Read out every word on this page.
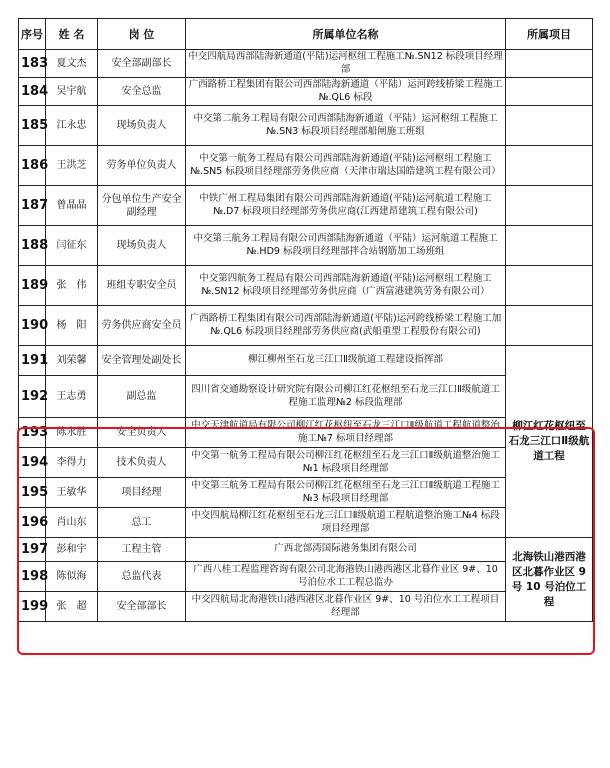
序号	姓 名	岗 位	所属单位名称	所属项目
183	夏文杰	安全部副部长	中交四航局西部陆海新通道(平陆)运河枢纽工程施工№.SN12 标段项目经理部	
184	吴宇航	安全总监	广西路桥工程集团有限公司西部陆海新通道（平陆）运河跨线桥梁工程施工№.QL6 标段	
185	江永忠	现场负责人	中交第二航务工程局有限公司西部陆海新通道（平陆）运河枢纽工程施工№.SN3 标段项目经理部船闸施工班组	
186	王洪芝	劳务单位负责人	中交第一航务工程局有限公司西部陆海新通道(平陆)运河枢纽工程施工№.SN5 标段项目经理部劳务供应商（天津市瑞达国皓建筑工程有限公司）	
187	曾晶晶	分包单位生产安全副经理	中铁广州工程局集团有限公司西部陆海新通道(平陆)运河航道工程施工№.D7 标段项目经理部劳务供应商(江西建昂建筑工程有限公司)	
188	闫征东	现场负责人	中交第三航务工程局有限公司西部陆海新通道（平陆）运河航道工程施工№.HD9 标段项目经理部拌合站钢筋加工场班组	
189	张　伟	班组专职安全员	中交第四航务工程局有限公司西部陆海新通道(平陆)运河枢纽工程施工№.SN12 标段项目经理部劳务供应商（广西富港建筑劳务有限公司）	
190	杨　阳	劳务供应商安全员	广西路桥工程集团有限公司西部陆海新通道(平陆)运河跨线桥梁工程施工加№.QL6 标段项目经理部劳务供应商(武船重型工程股份有限公司)	
191	刘荣馨	安全管理处副处长	柳江柳州至石龙三江口Ⅱ级航道工程建设指挥部	柳江红花枢纽至石龙三江口Ⅱ级航道工程
192	王志勇	副总监	四川省交通勘察设计研究院有限公司柳江红花枢纽至石龙三江口Ⅱ级航道工程施工监理№2 标段监理部	
193	陈永胜	安全负责人	中交天津航道局有限公司柳江红花枢纽至石龙三江口Ⅱ级航道工程航道整治施工№7 标项目经理部	
194	李得力	技术负责人	中交第一航务工程局有限公司柳江红花枢纽至石龙三江口Ⅱ级航道整治施工№1 标段项目经理部	
195	王敏华	项目经理	中交第三航务工程局有限公司柳江红花枢纽至石龙三江口Ⅱ级航道工程施工№3 标段项目经理部	
196	肖山东	总工	中交四航局柳江红花枢纽至石龙三江口Ⅱ级航道工程航道整治施工№4 标段项目经理部	
197	彭和宇	工程主管	广西北部湾国际港务集团有限公司	北海铁山港西港区北暮作业区 9 号 10 号泊位工程
198	陈似海	总监代表	广西八桂工程监理咨询有限公司北海港铁山港西港区北暮作业区 9#、10 号泊位水工工程总监办	
199	张　超	安全部部长	中交四航局北海港铁山港西港区北暮作业区 9#、10 号泊位水工工程项目经理部	
